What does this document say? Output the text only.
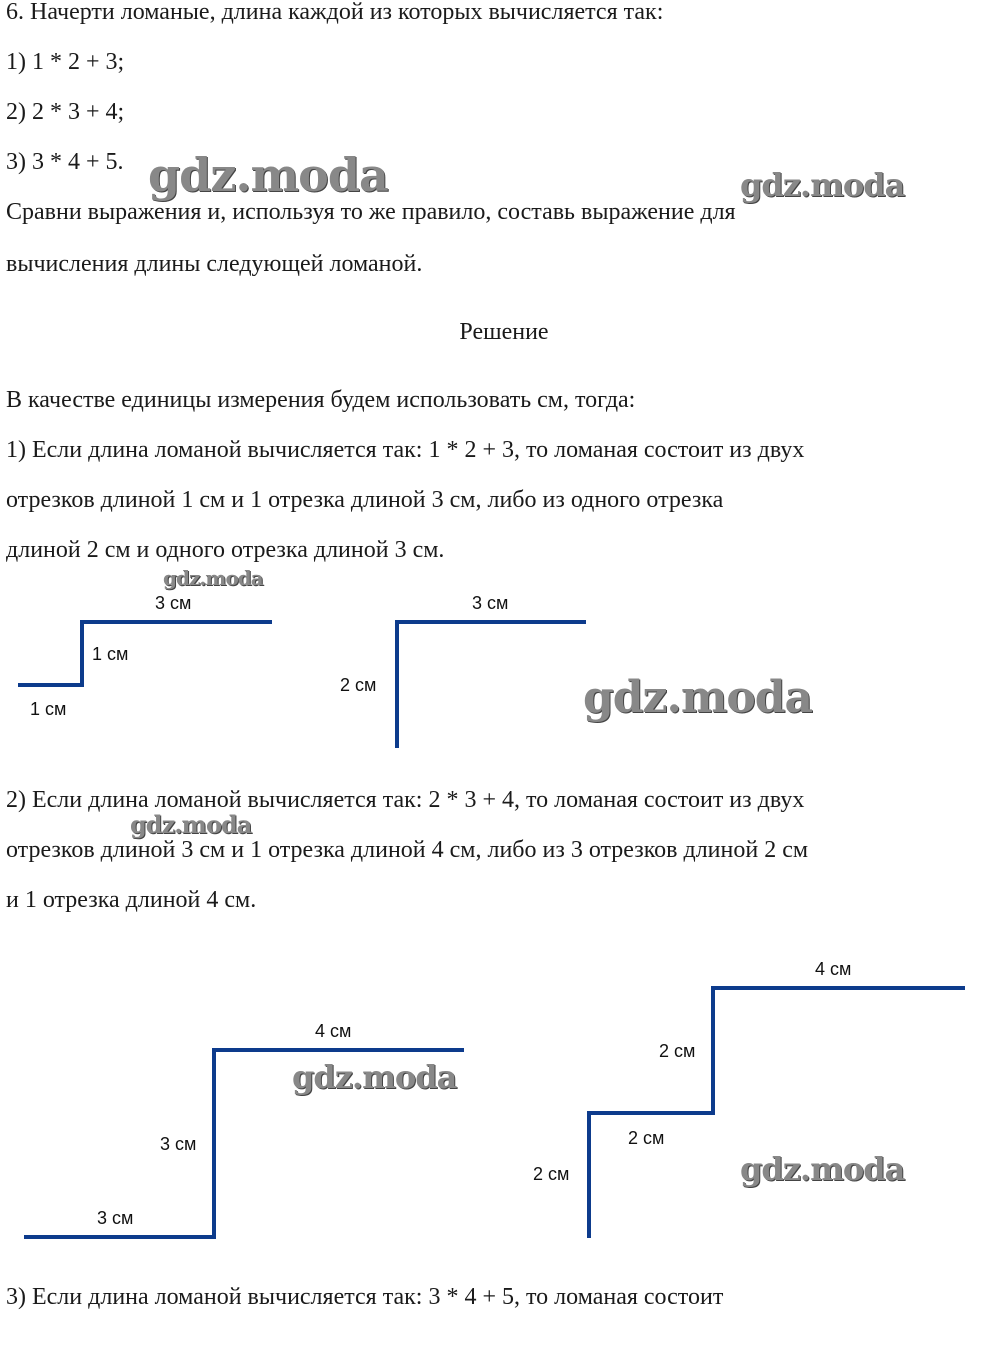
6. Начерти ломаные, длина каждой из которых вычисляется так:
1) 1 * 2 + 3;
2) 2 * 3 + 4;
3) 3 * 4 + 5.
Сравни выражения и, используя то же правило, составь выражение для
вычисления длины следующей ломаной.
Решение
В качестве единицы измерения будем использовать см, тогда:
1) Если длина ломаной вычисляется так: 1 * 2 + 3, то ломаная состоит из двух
отрезков длиной 1 см и 1 отрезка длиной 3 см, либо из одного отрезка
длиной 2 см и одного отрезка длиной 3 см.
2) Если длина ломаной вычисляется так: 2 * 3 + 4, то ломаная состоит из двух
отрезков длиной 3 см и 1 отрезка длиной 4 см, либо из 3 отрезков длиной 2 см
и 1 отрезка длиной 4 см.
3) Если длина ломаной вычисляется так: 3 * 4 + 5, то ломаная состоит
1 см
1 см
3 см
2 см
3 см
3 см
3 см
4 см
2 см
2 см
2 см
4 см
gdz.moda	gdz.moda
gdz.moda
gdz.moda
gdz.moda
gdz.moda
gdz.moda
